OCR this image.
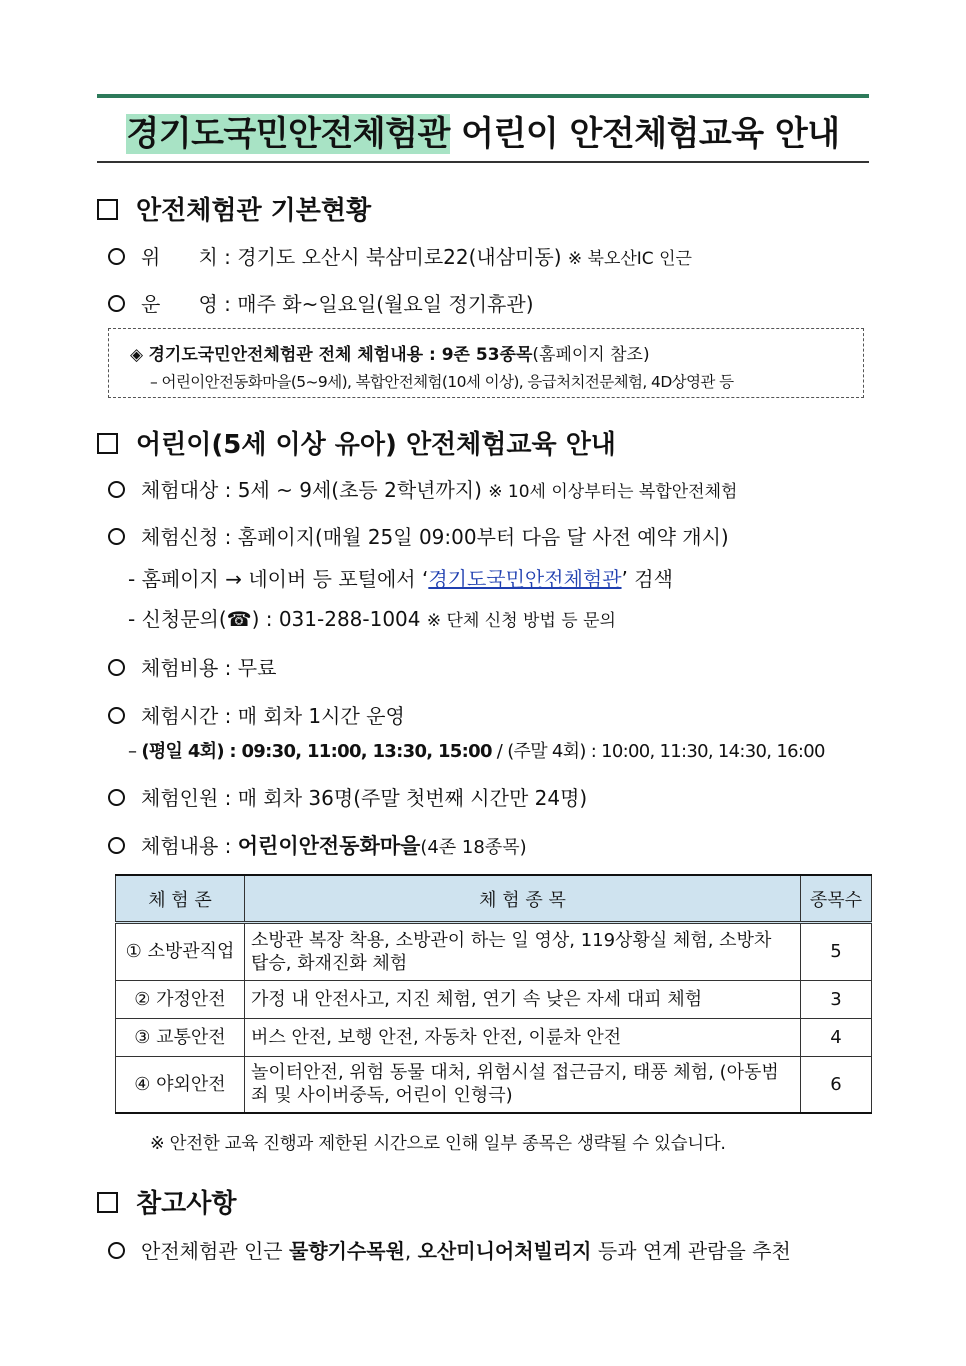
경기도국민안전체험관 어린이 안전체험교육 안내
안전체험관 기본현황
위      치 : 경기도 오산시 북삼미로22(내삼미동) ※ 북오산IC 인근
운      영 : 매주 화~일요일(월요일 정기휴관)
◈ 경기도국민안전체험관 전체 체험내용 : 9존 53종목(홈페이지 참조)
– 어린이안전동화마을(5~9세), 복합안전체험(10세 이상), 응급처치전문체험, 4D상영관 등
어린이(5세 이상 유아) 안전체험교육 안내
체험대상 : 5세 ~ 9세(초등 2학년까지) ※ 10세 이상부터는 복합안전체험
체험신청 : 홈페이지(매월 25일 09:00부터 다음 달 사전 예약 개시)
- 홈페이지 → 네이버 등 포털에서 ‘경기도국민안전체험관’ 검색
- 신청문의(☎) : 031-288-1004 ※ 단체 신청 방법 등 문의
체험비용 : 무료
체험시간 : 매 회차 1시간 운영
– (평일 4회) : 09:30, 11:00, 13:30, 15:00 / (주말 4회) : 10:00, 11:30, 14:30, 16:00
체험인원 : 매 회차 36명(주말 첫번째 시간만 24명)
체험내용 : 어린이안전동화마을(4존 18종목)
체 험 존	체 험 종 목	종목수
① 소방관직업	소방관 복장 착용, 소방관이 하는 일 영상, 119상황실 체험, 소방차 탑승, 화재진화 체험	5
② 가정안전	가정 내 안전사고, 지진 체험, 연기 속 낮은 자세 대피 체험	3
③ 교통안전	버스 안전, 보행 안전, 자동차 안전, 이륜차 안전	4
④ 야외안전	놀이터안전, 위험 동물 대처, 위험시설 접근금지, 태풍 체험, (아동범죄 및 사이버중독, 어린이 인형극)	6
※ 안전한 교육 진행과 제한된 시간으로 인해 일부 종목은 생략될 수 있습니다.
참고사항
안전체험관 인근 물향기수목원, 오산미니어처빌리지 등과 연계 관람을 추천
